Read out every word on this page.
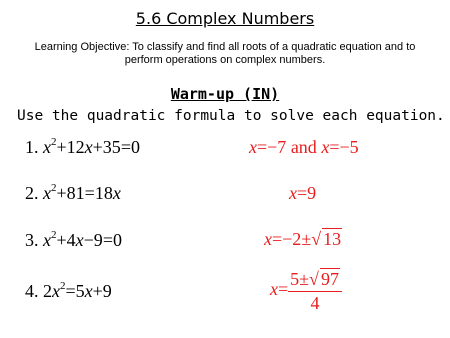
5.6 Complex Numbers
Learning Objective: To classify and find all roots of a quadratic equation and to perform operations on complex numbers.
Warm-up (IN)
Use the quadratic formula to solve each equation.
1. $x^2+12x+35=0$	x=−7 and x=−5
2. $x^2+81=18x$	x=9
3. $x^2+4x-9=0$	x=−2±√ 13
4. $2x^2=5x+9$	$x= \frac{5\pm√ 97}{4}$
